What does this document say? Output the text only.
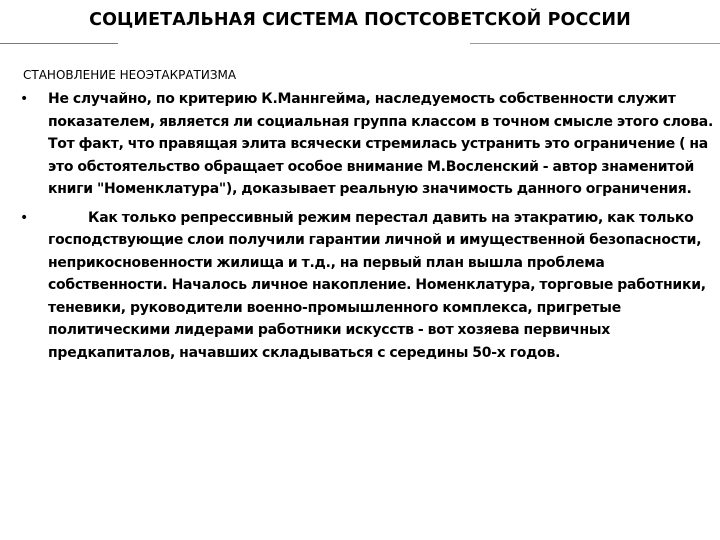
СОЦИЕТАЛЬНАЯ СИСТЕМА ПОСТСОВЕТСКОЙ РОССИИ
СТАНОВЛЕНИЕ НЕОЭТАКРАТИЗМА
• Не случайно, по критерию К.Маннгейма, наследуемость собственности служит показателем, является ли социальная группа классом в точном смысле этого слова. Тот факт, что правящая элита всячески стремилась устранить это ограничение ( на это обстоятельство обращает особое внимание М.Восленский - автор знаменитой книги "Номенклатура"), доказывает реальную значимость данного ограничения.
•	Как только репрессивный режим перестал давить на этакратию, как только господствующие слои получили гарантии личной и имущественной безопасности, неприкосновенности жилища и т.д., на первый план вышла проблема собственности. Началось личное накопление. Номенклатура, торговые работники, теневики, руководители военно-промышленного комплекса, пригретые политическими лидерами работники искусств - вот хозяева первичных предкапиталов, начавших складываться с середины 50-х годов.
